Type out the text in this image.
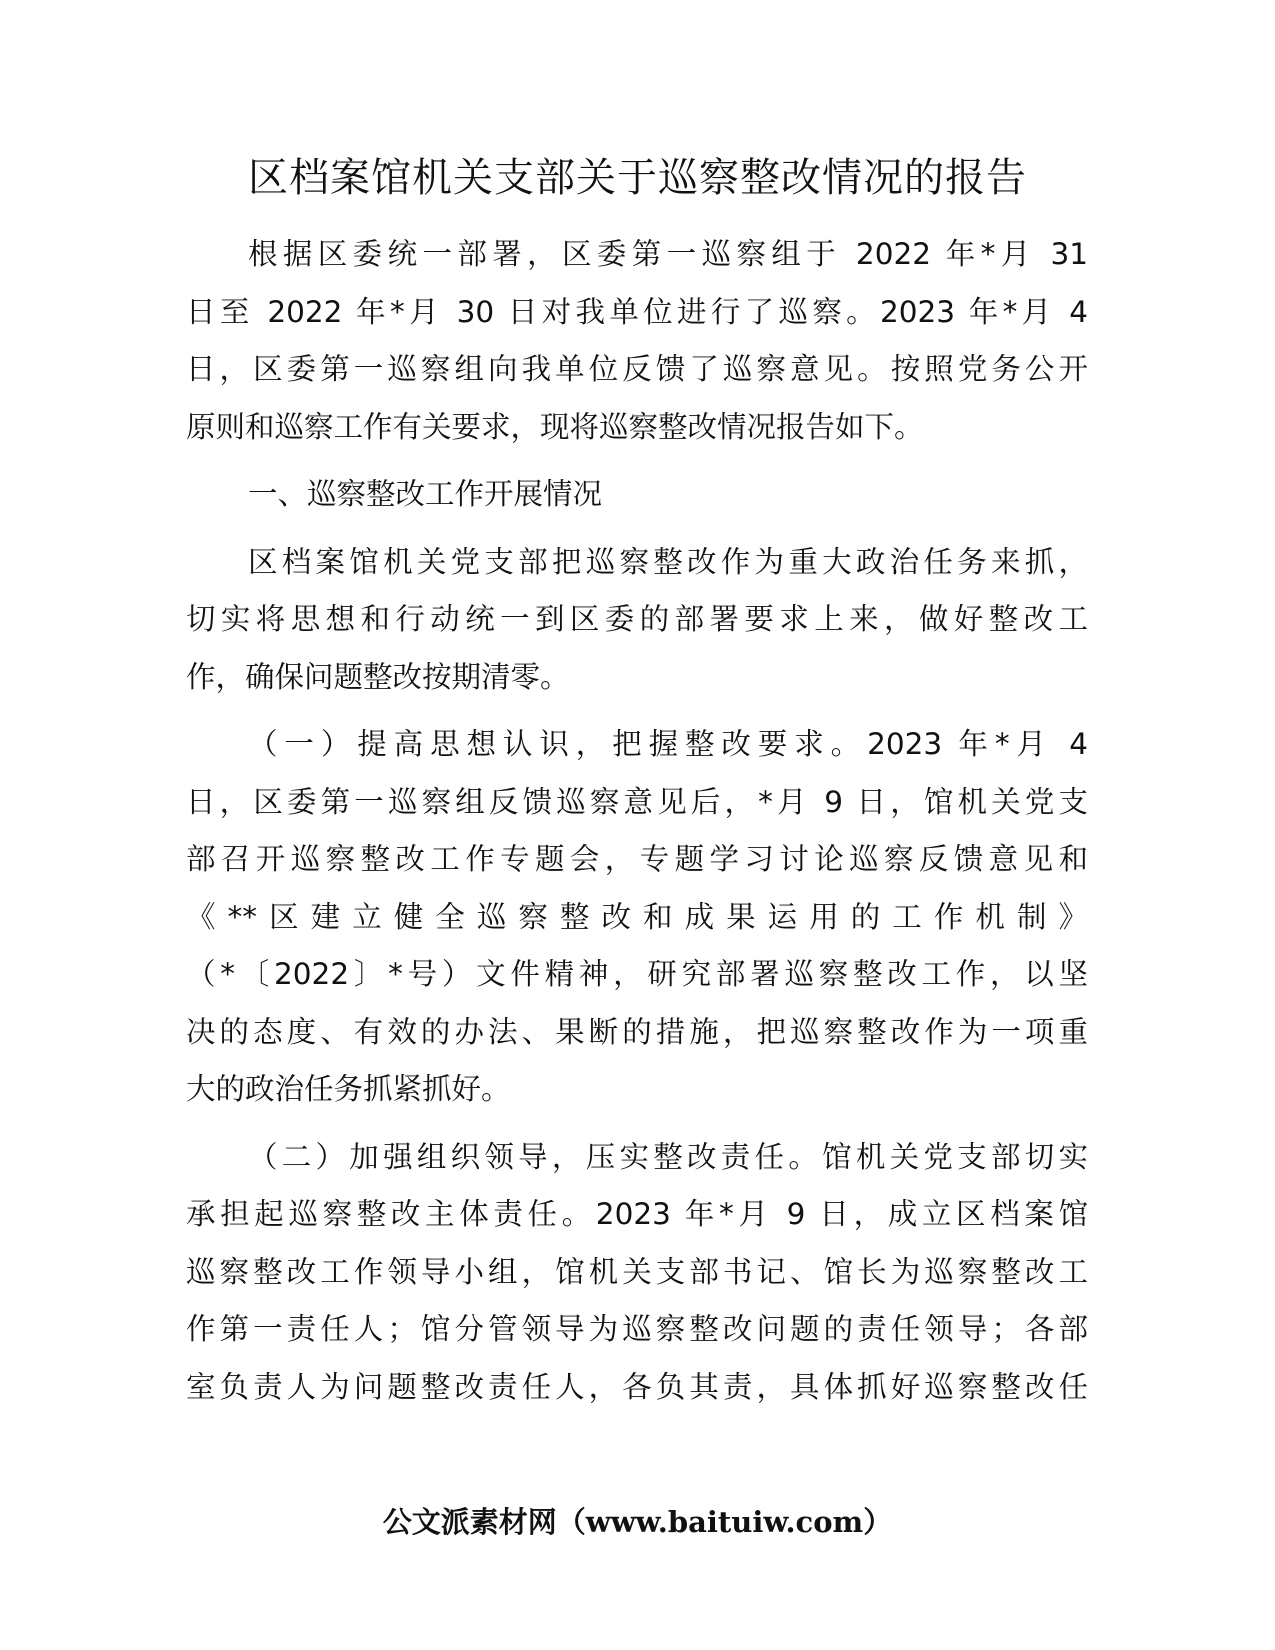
区档案馆机关支部关于巡察整改情况的报告
根据区委统一部署，区委第一巡察组于 2022 年*月 31
日至 2022 年*月 30 日对我单位进行了巡察。2023 年*月 4
日，区委第一巡察组向我单位反馈了巡察意见。按照党务公开
原则和巡察工作有关要求，现将巡察整改情况报告如下。
一、巡察整改工作开展情况
区档案馆机关党支部把巡察整改作为重大政治任务来抓，
切实将思想和行动统一到区委的部署要求上来，做好整改工
作，确保问题整改按期清零。
（一）提高思想认识，把握整改要求。2023 年*月 4
日，区委第一巡察组反馈巡察意见后，*月 9 日，馆机关党支
部召开巡察整改工作专题会，专题学习讨论巡察反馈意见和
《**区建立健全巡察整改和成果运用的工作机制》
（*〔2022〕*号）文件精神，研究部署巡察整改工作，以坚
决的态度、有效的办法、果断的措施，把巡察整改作为一项重
大的政治任务抓紧抓好。
（二）加强组织领导，压实整改责任。馆机关党支部切实
承担起巡察整改主体责任。2023 年*月 9 日，成立区档案馆
巡察整改工作领导小组，馆机关支部书记、馆长为巡察整改工
作第一责任人；馆分管领导为巡察整改问题的责任领导；各部
室负责人为问题整改责任人，各负其责，具体抓好巡察整改任
公文派素材网（www.baituiw.com）
